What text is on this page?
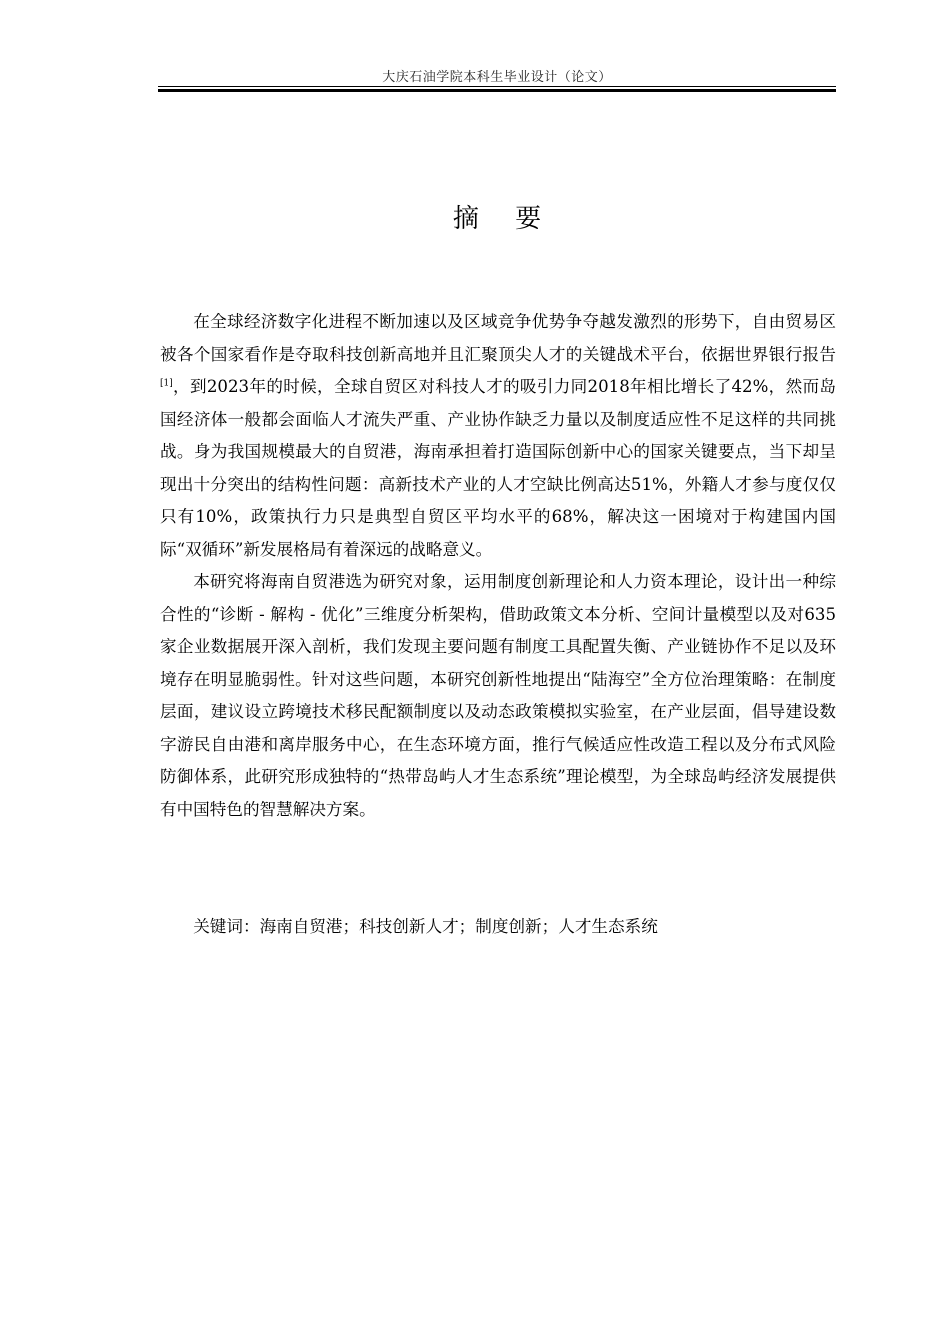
大庆石油学院本科生毕业设计（论文）
摘 要

在全球经济数字化进程不断加速以及区域竞争优势争夺越发激烈的形势下，自由贸易区被各个国家看作是夺取科技创新高地并且汇聚顶尖人才的关键战术平台，依据世界银行报告[1]，到2023年的时候，全球自贸区对科技人才的吸引力同2018年相比增长了42%，然而岛国经济体一般都会面临人才流失严重、产业协作缺乏力量以及制度适应性不足这样的共同挑战。身为我国规模最大的自贸港，海南承担着打造国际创新中心的国家关键要点，当下却呈现出十分突出的结构性问题：高新技术产业的人才空缺比例高达51%，外籍人才参与度仅仅只有10%，政策执行力只是典型自贸区平均水平的68%，解决这一困境对于构建国内国际“双循环”新发展格局有着深远的战略意义。

本研究将海南自贸港选为研究对象，运用制度创新理论和人力资本理论，设计出一种综合性的“诊断 - 解构 - 优化”三维度分析架构，借助政策文本分析、空间计量模型以及对635家企业数据展开深入剖析，我们发现主要问题有制度工具配置失衡、产业链协作不足以及环境存在明显脆弱性。针对这些问题，本研究创新性地提出“陆海空”全方位治理策略：在制度层面，建议设立跨境技术移民配额制度以及动态政策模拟实验室，在产业层面，倡导建设数字游民自由港和离岸服务中心，在生态环境方面，推行气候适应性改造工程以及分布式风险防御体系，此研究形成独特的“热带岛屿人才生态系统”理论模型，为全球岛屿经济发展提供有中国特色的智慧解决方案。

关键词：海南自贸港；科技创新人才；制度创新；人才生态系统
